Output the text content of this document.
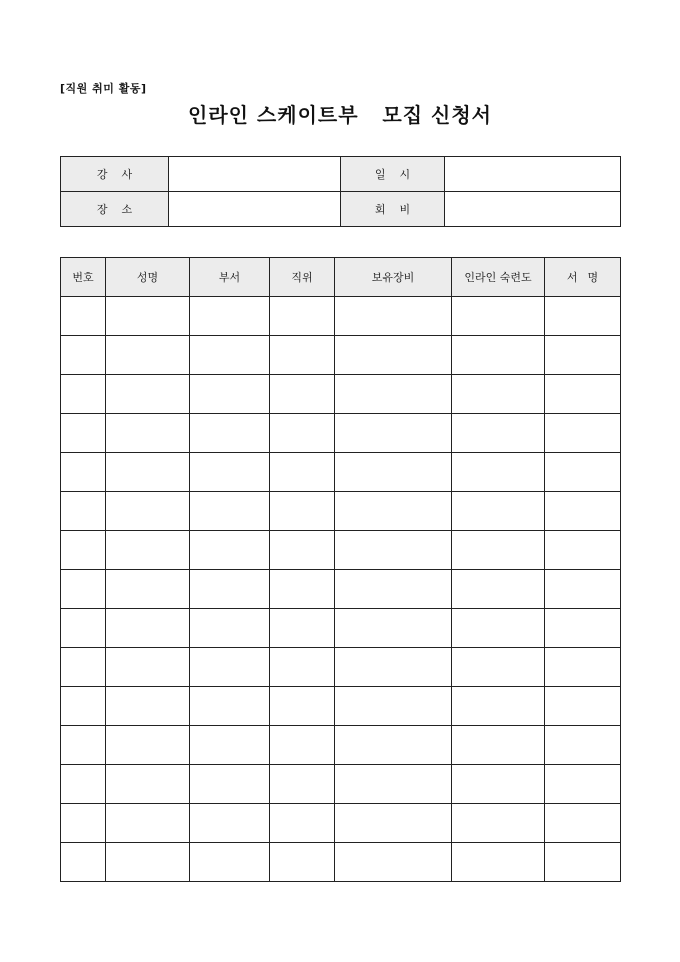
[직원 취미 활동]
인라인 스케이트부   모집 신청서
강사		일시	
장소		회비	
번호	성명	부서	직위	보유장비	인라인 숙련도	서명
